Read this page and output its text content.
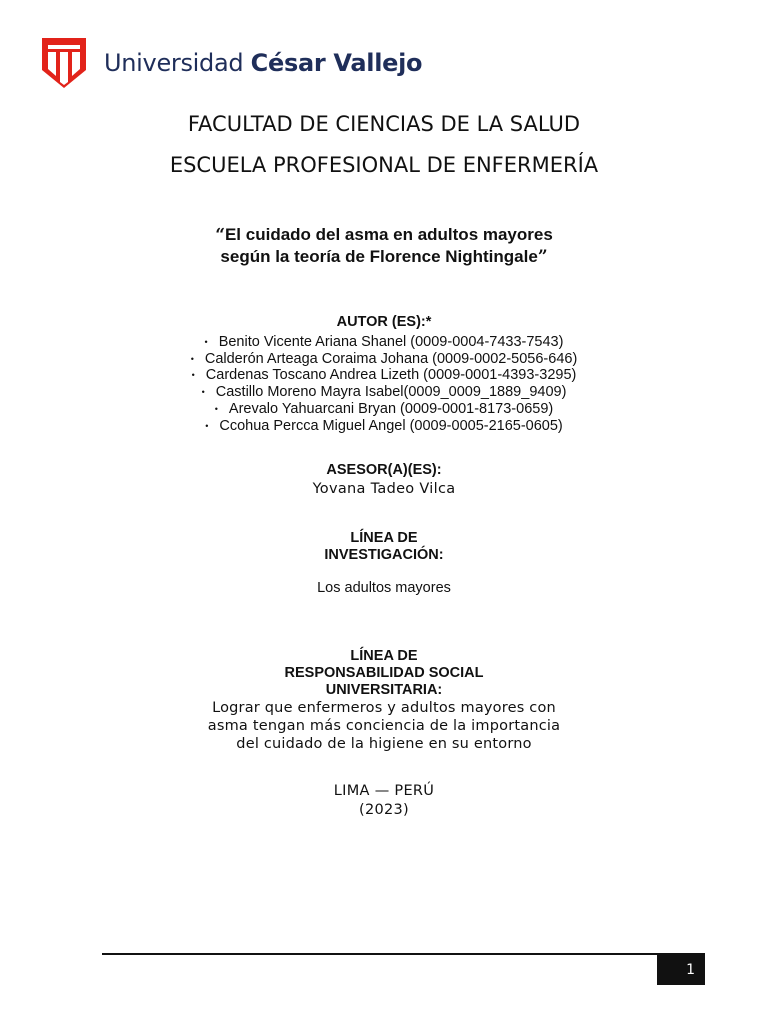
Universidad César Vallejo
FACULTAD DE CIENCIAS DE LA SALUD
ESCUELA PROFESIONAL DE ENFERMERÍA
“El cuidado del asma en adultos mayores
según la teoría de Florence Nightingale”
AUTOR (ES):*
• Benito Vicente Ariana Shanel (0009-0004-7433-7543)
• Calderón Arteaga Coraima Johana (0009-0002-5056-646)
• Cardenas Toscano Andrea Lizeth (0009-0001-4393-3295)
• Castillo Moreno Mayra Isabel(0009_0009_1889_9409)
• Arevalo Yahuarcani Bryan (0009-0001-8173-0659)
• Ccohua Percca Miguel Angel (0009-0005-2165-0605)
ASESOR(A)(ES):
Yovana Tadeo Vilca
LÍNEA DE
INVESTIGACIÓN:
Los adultos mayores
LÍNEA DE
RESPONSABILIDAD SOCIAL
UNIVERSITARIA:
Lograr que enfermeros y adultos mayores con
asma tengan más conciencia de la importancia
del cuidado de la higiene en su entorno
LIMA — PERÚ
(2023)
1
